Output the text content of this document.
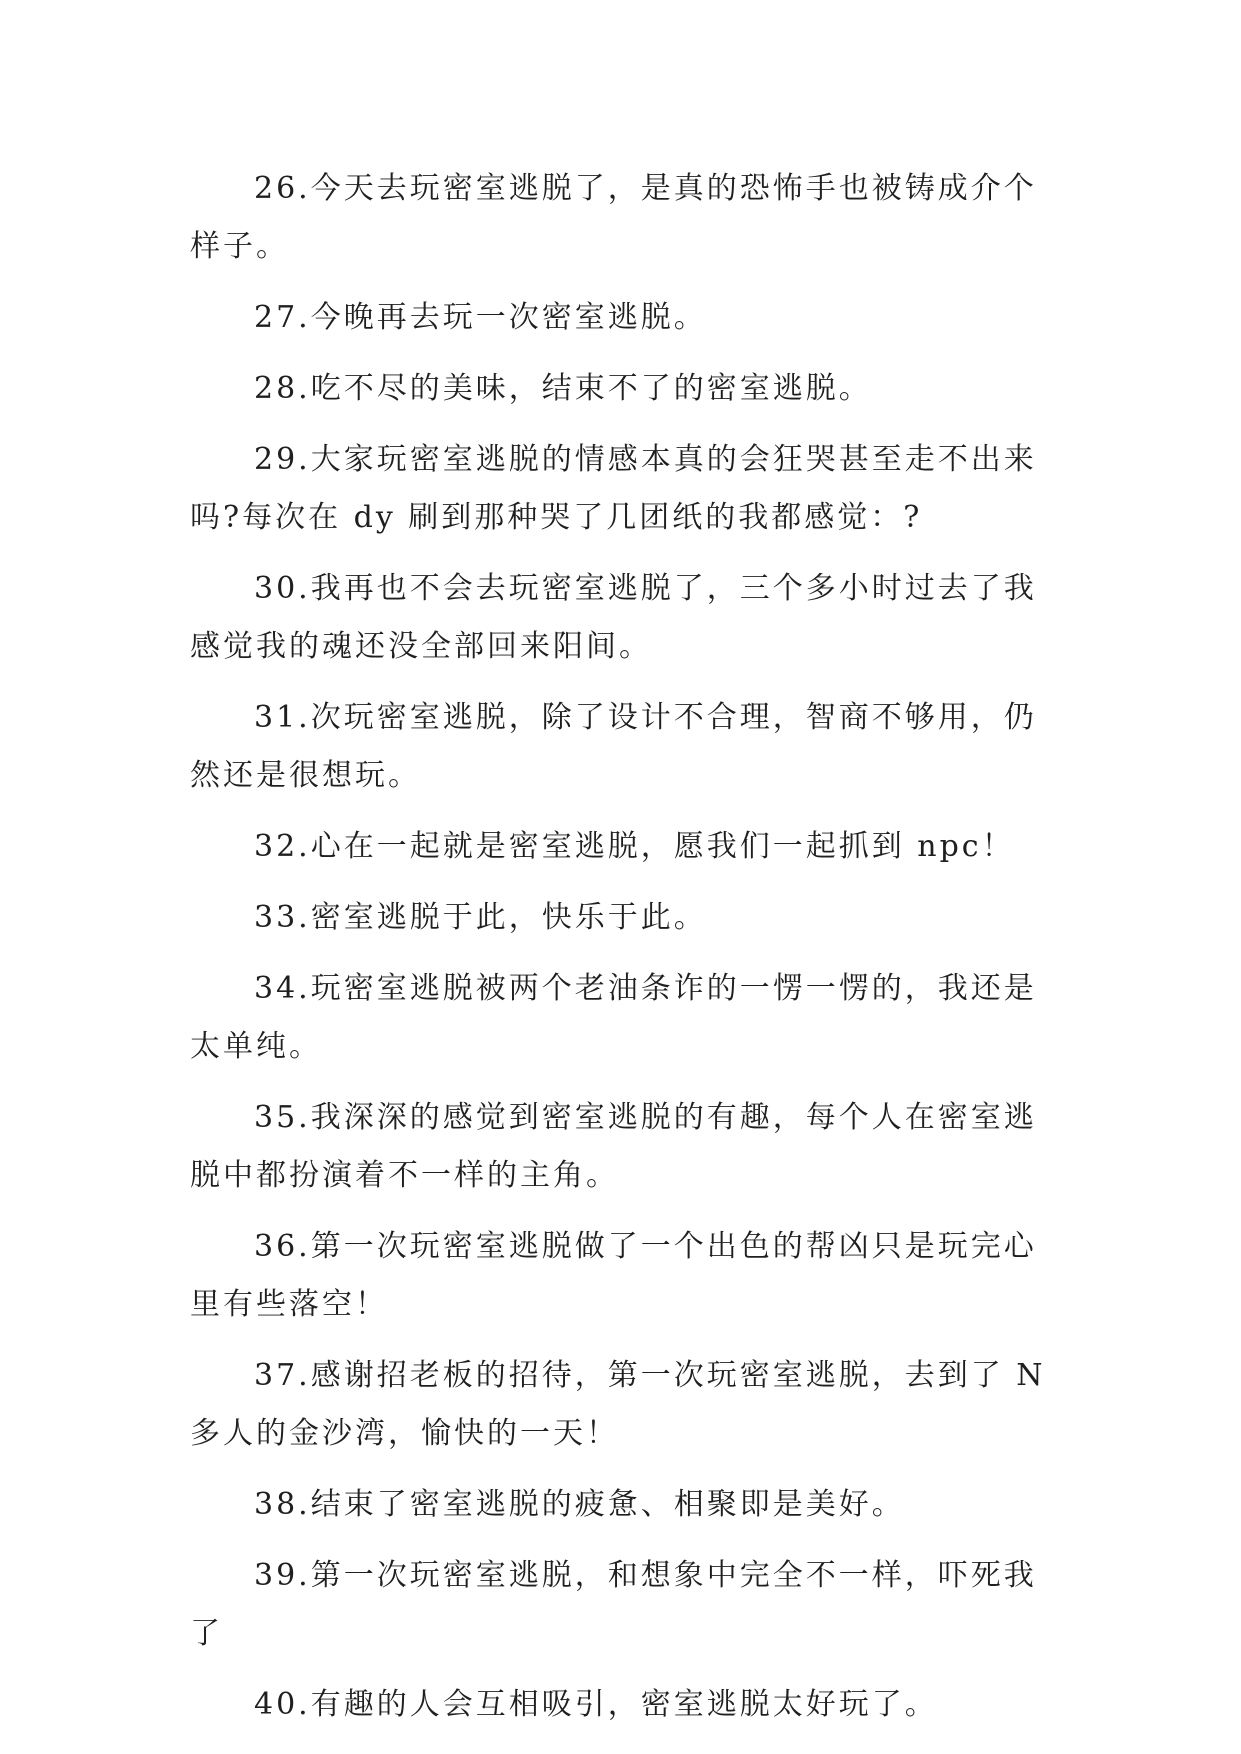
26.今天去玩密室逃脱了，是真的恐怖手也被铸成介个样子。

27.今晚再去玩一次密室逃脱。

28.吃不尽的美味，结束不了的密室逃脱。

29.大家玩密室逃脱的情感本真的会狂哭甚至走不出来吗?每次在 dy 刷到那种哭了几团纸的我都感觉：?

30.我再也不会去玩密室逃脱了，三个多小时过去了我感觉我的魂还没全部回来阳间。

31.次玩密室逃脱，除了设计不合理，智商不够用，仍然还是很想玩。

32.心在一起就是密室逃脱，愿我们一起抓到 npc！

33.密室逃脱于此，快乐于此。

34.玩密室逃脱被两个老油条诈的一愣一愣的，我还是太单纯。

35.我深深的感觉到密室逃脱的有趣，每个人在密室逃脱中都扮演着不一样的主角。

36.第一次玩密室逃脱做了一个出色的帮凶只是玩完心里有些落空！

37.感谢招老板的招待，第一次玩密室逃脱，去到了 N 多人的金沙湾，愉快的一天！

38.结束了密室逃脱的疲惫、相聚即是美好。

39.第一次玩密室逃脱，和想象中完全不一样，吓死我了

40.有趣的人会互相吸引，密室逃脱太好玩了。
